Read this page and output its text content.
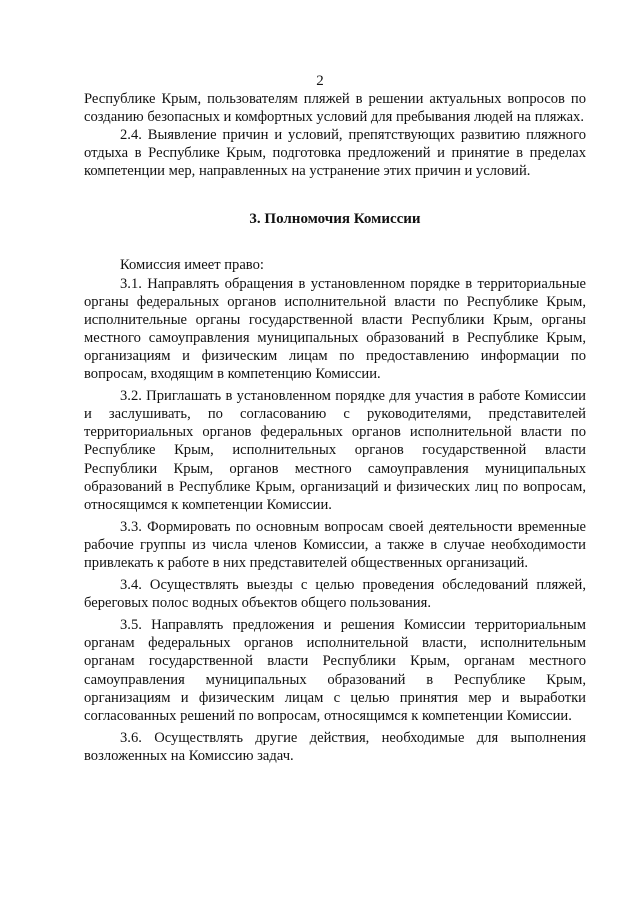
2

Республике Крым, пользователям пляжей в решении актуальных вопросов по созданию безопасных и комфортных условий для пребывания людей на пляжах.

2.4. Выявление причин и условий, препятствующих развитию пляжного отдыха в Республике Крым, подготовка предложений и принятие в пределах компетенции мер, направленных на устранение этих причин и условий.

3. Полномочия Комиссии

Комиссия имеет право:

3.1. Направлять обращения в установленном порядке в территориальные органы федеральных органов исполнительной власти по Республике Крым, исполнительные органы государственной власти Республики Крым, органы местного самоуправления муниципальных образований в Республике Крым, организациям и физическим лицам по предоставлению информации по вопросам, входящим в компетенцию Комиссии.

3.2. Приглашать в установленном порядке для участия в работе Комиссии и заслушивать, по согласованию с руководителями, представителей территориальных органов федеральных органов исполнительной власти по Республике Крым, исполнительных органов государственной власти Республики Крым, органов местного самоуправления муниципальных образований в Республике Крым, организаций и физических лиц по вопросам, относящимся к компетенции Комиссии.

3.3. Формировать по основным вопросам своей деятельности временные рабочие группы из числа членов Комиссии, а также в случае необходимости привлекать к работе в них представителей общественных организаций.

3.4. Осуществлять выезды с целью проведения обследований пляжей, береговых полос водных объектов общего пользования.

3.5. Направлять предложения и решения Комиссии территориальным органам федеральных органов исполнительной власти, исполнительным органам государственной власти Республики Крым, органам местного самоуправления муниципальных образований в Республике Крым, организациям и физическим лицам с целью принятия мер и выработки согласованных решений по вопросам, относящимся к компетенции Комиссии.

3.6. Осуществлять другие действия, необходимые для выполнения возложенных на Комиссию задач.
